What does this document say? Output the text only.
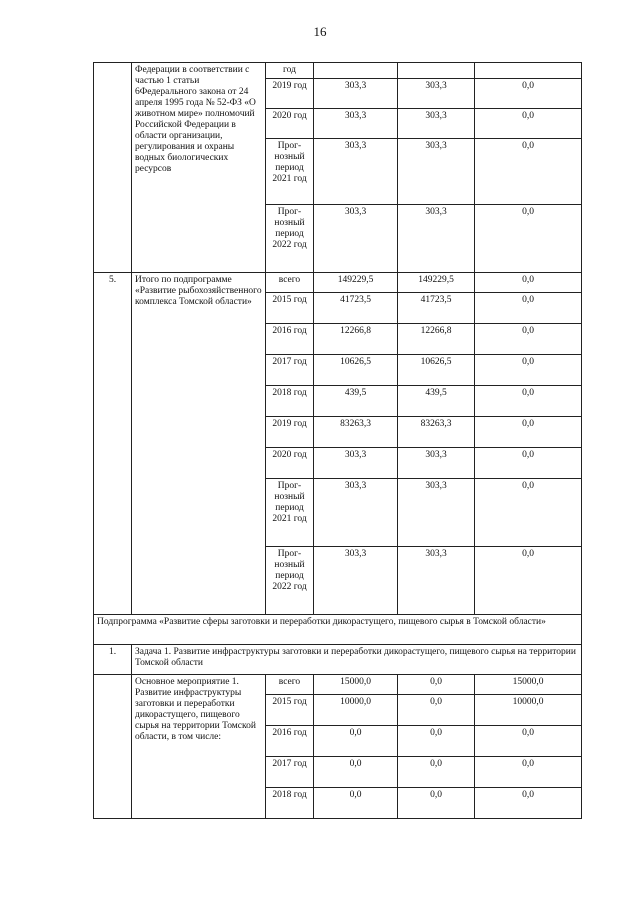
16
	Федерации в соответствии с частью 1 статьи 6Федерального закона от 24 апреля 1995 года № 52-ФЗ «О животном мире» полномочий Российской Федерации в области организации, регулирования и охраны водных биологических ресурсов	год			
		2019 год	303,3	303,3	0,0
		2020 год	303,3	303,3	0,0
		Прог-нозный период 2021 год	303,3	303,3	0,0
		Прог-нозный период 2022 год	303,3	303,3	0,0
5.	Итого по подпрограмме «Развитие рыбохозяйственного комплекса Томской области»	всего	149229,5	149229,5	0,0
		2015 год	41723,5	41723,5	0,0
		2016 год	12266,8	12266,8	0,0
		2017 год	10626,5	10626,5	0,0
		2018 год	439,5	439,5	0,0
		2019 год	83263,3	83263,3	0,0
		2020 год	303,3	303,3	0,0
		Прог-нозный период 2021 год	303,3	303,3	0,0
		Прог-нозный период 2022 год	303,3	303,3	0,0
Подпрограмма «Развитие сферы заготовки и переработки дикорастущего, пищевого сырья в Томской области»					
1.	Задача 1. Развитие инфраструктуры заготовки и переработки дикорастущего, пищевого сырья на территории Томской области				
	Основное мероприятие 1. Развитие инфраструктуры заготовки и переработки дикорастущего, пищевого сырья на территории Томской области, в том числе:	всего	15000,0	0,0	15000,0
		2015 год	10000,0	0,0	10000,0
		2016 год	0,0	0,0	0,0
		2017 год	0,0	0,0	0,0
		2018 год	0,0	0,0	0,0
